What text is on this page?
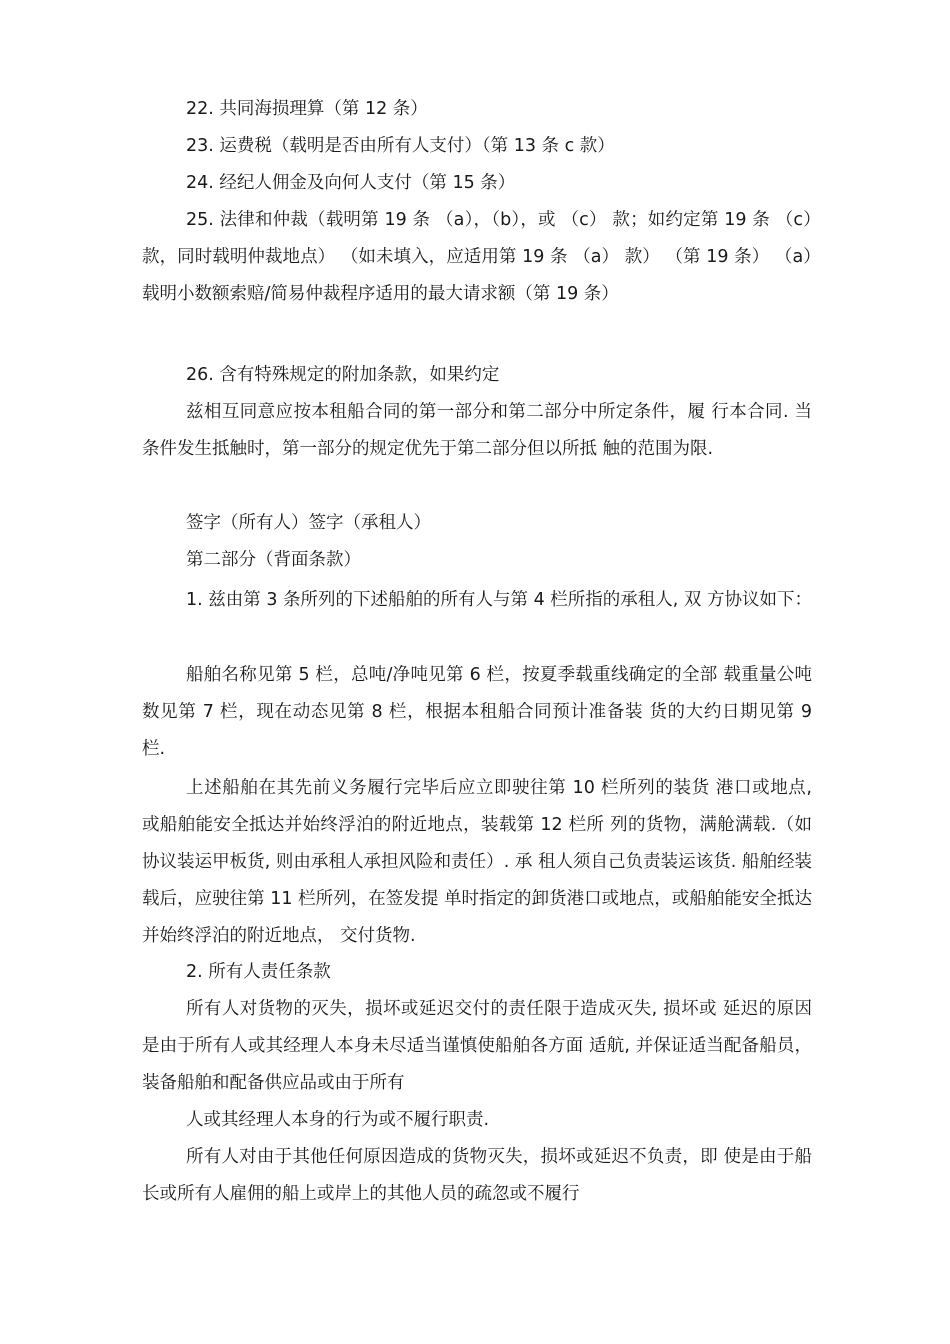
22. 共同海损理算（第 12 条）

23. 运费税（载明是否由所有人支付）（第 13 条 c 款）

24. 经纪人佣金及向何人支付（第 15 条）

25. 法律和仲裁（载明第 19 条 （a），（b），或 （c） 款；如约定第 19 条 （c）款，同时载明仲裁地点） （如未填入，应适用第 19 条 （a） 款） （第 19 条） （a）载明小数额索赔/简易仲裁程序适用的最大请求额（第 19 条）

26. 含有特殊规定的附加条款，如果约定

兹相互同意应按本租船合同的第一部分和第二部分中所定条件，履 行本合同. 当条件发生抵触时，第一部分的规定优先于第二部分但以所抵 触的范围为限.

签字（所有人）签字（承租人）

第二部分（背面条款）

1. 兹由第 3 条所列的下述船舶的所有人与第 4 栏所指的承租人, 双 方协议如下：

船舶名称见第 5 栏，总吨/净吨见第 6 栏，按夏季载重线确定的全部 载重量公吨数见第 7 栏，现在动态见第 8 栏，根据本租船合同预计准备装 货的大约日期见第 9 栏.

上述船舶在其先前义务履行完毕后应立即驶往第 10 栏所列的装货 港口或地点, 或船舶能安全抵达并始终浮泊的附近地点，装载第 12 栏所 列的货物，满舱满载.（如协议装运甲板货, 则由承租人承担风险和责任）. 承 租人须自己负责装运该货. 船舶经装载后，应驶往第 11 栏所列，在签发提 单时指定的卸货港口或地点，或船舶能安全抵达并始终浮泊的附近地点， 交付货物.

2. 所有人责任条款

所有人对货物的灭失，损坏或延迟交付的责任限于造成灭失, 损坏或 延迟的原因是由于所有人或其经理人本身未尽适当谨慎使船舶各方面 适航, 并保证适当配备船员，装备船舶和配备供应品或由于所有

人或其经理人本身的行为或不履行职责.

所有人对由于其他任何原因造成的货物灭失，损坏或延迟不负责，即 使是由于船长或所有人雇佣的船上或岸上的其他人员的疏忽或不履行
